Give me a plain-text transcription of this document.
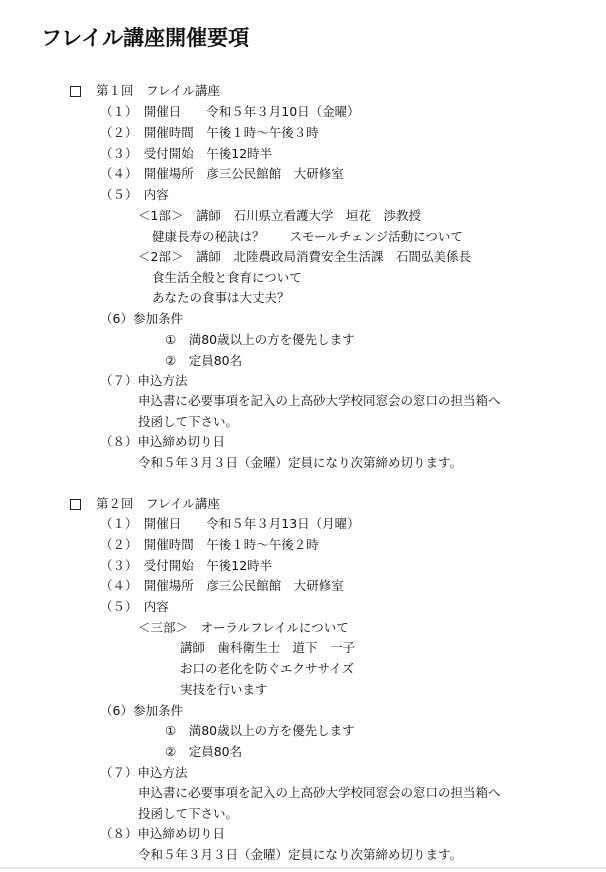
フレイル講座開催要項
第１回　フレイル講座
（１）　開催日　　令和５年３月10日（金曜）
（２）　開催時間　午後１時〜午後３時
（３）　受付開始　午後12時半
（４）　開催場所　彦三公民館館　大研修室
（５）　内容
＜1部＞　講師　石川県立看護大学　垣花　渉教授
健康長寿の秘訣は？　　スモールチェンジ活動について
＜2部＞　講師　北陸農政局消費安全生活課　石間弘美係長
食生活全般と食育について
あなたの食事は大丈夫？
（6）参加条件
①　満80歳以上の方を優先します
②　定員80名
（７）申込方法
申込書に必要事項を記入の上高砂大学校同窓会の窓口の担当箱へ
投函して下さい。
（８）申込締め切り日
令和５年３月３日（金曜）定員になり次第締め切ります。
第２回　フレイル講座
（１）　開催日　　令和５年３月13日（月曜）
（２）　開催時間　午後１時〜午後２時
（３）　受付開始　午後12時半
（４）　開催場所　彦三公民館館　大研修室
（５）　内容
＜三部＞　オーラルフレイルについて
講師　歯科衛生士　道下　一子
お口の老化を防ぐエクササイズ
実技を行います
（6）参加条件
①　満80歳以上の方を優先します
②　定員80名
（７）申込方法
申込書に必要事項を記入の上高砂大学校同窓会の窓口の担当箱へ
投函して下さい。
（８）申込締め切り日
令和５年３月３日（金曜）定員になり次第締め切ります。
